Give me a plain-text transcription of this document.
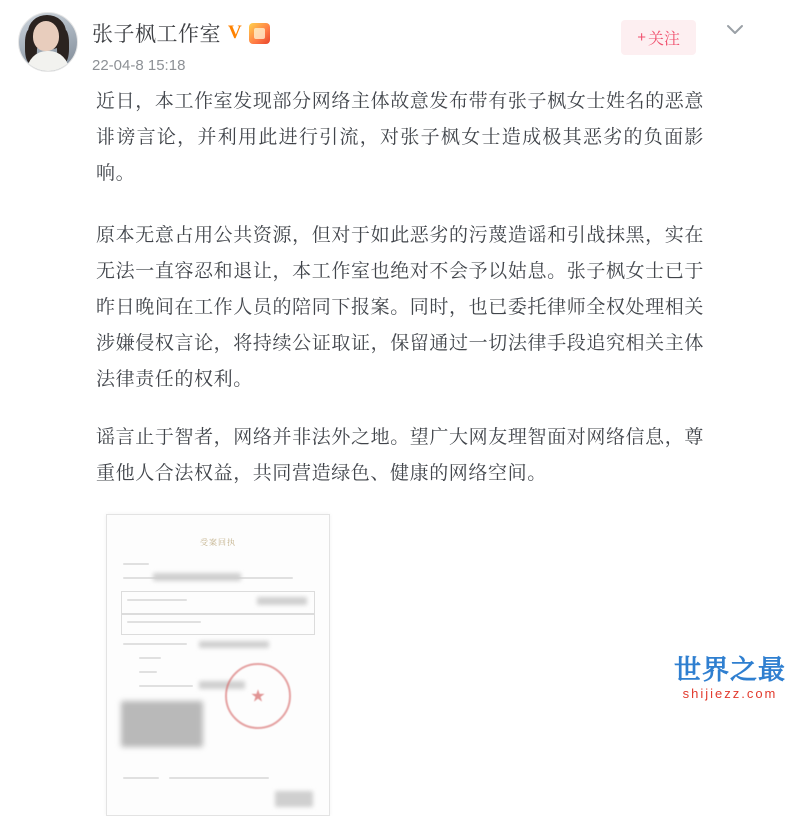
张子枫工作室 V
22-04-8 15:18
+ 关注

近日，本工作室发现部分网络主体故意发布带有张子枫女士姓名的恶意诽谤言论，并利用此进行引流，对张子枫女士造成极其恶劣的负面影响。

原本无意占用公共资源，但对于如此恶劣的污蔑造谣和引战抹黑，实在无法一直容忍和退让，本工作室也绝对不会予以姑息。张子枫女士已于昨日晚间在工作人员的陪同下报案。同时，也已委托律师全权处理相关涉嫌侵权言论，将持续公证取证，保留通过一切法律手段追究相关主体法律责任的权利。

谣言止于智者，网络并非法外之地。望广大网友理智面对网络信息，尊重他人合法权益，共同营造绿色、健康的网络空间。

受案回执
★
世界之最
shijiezz.com
